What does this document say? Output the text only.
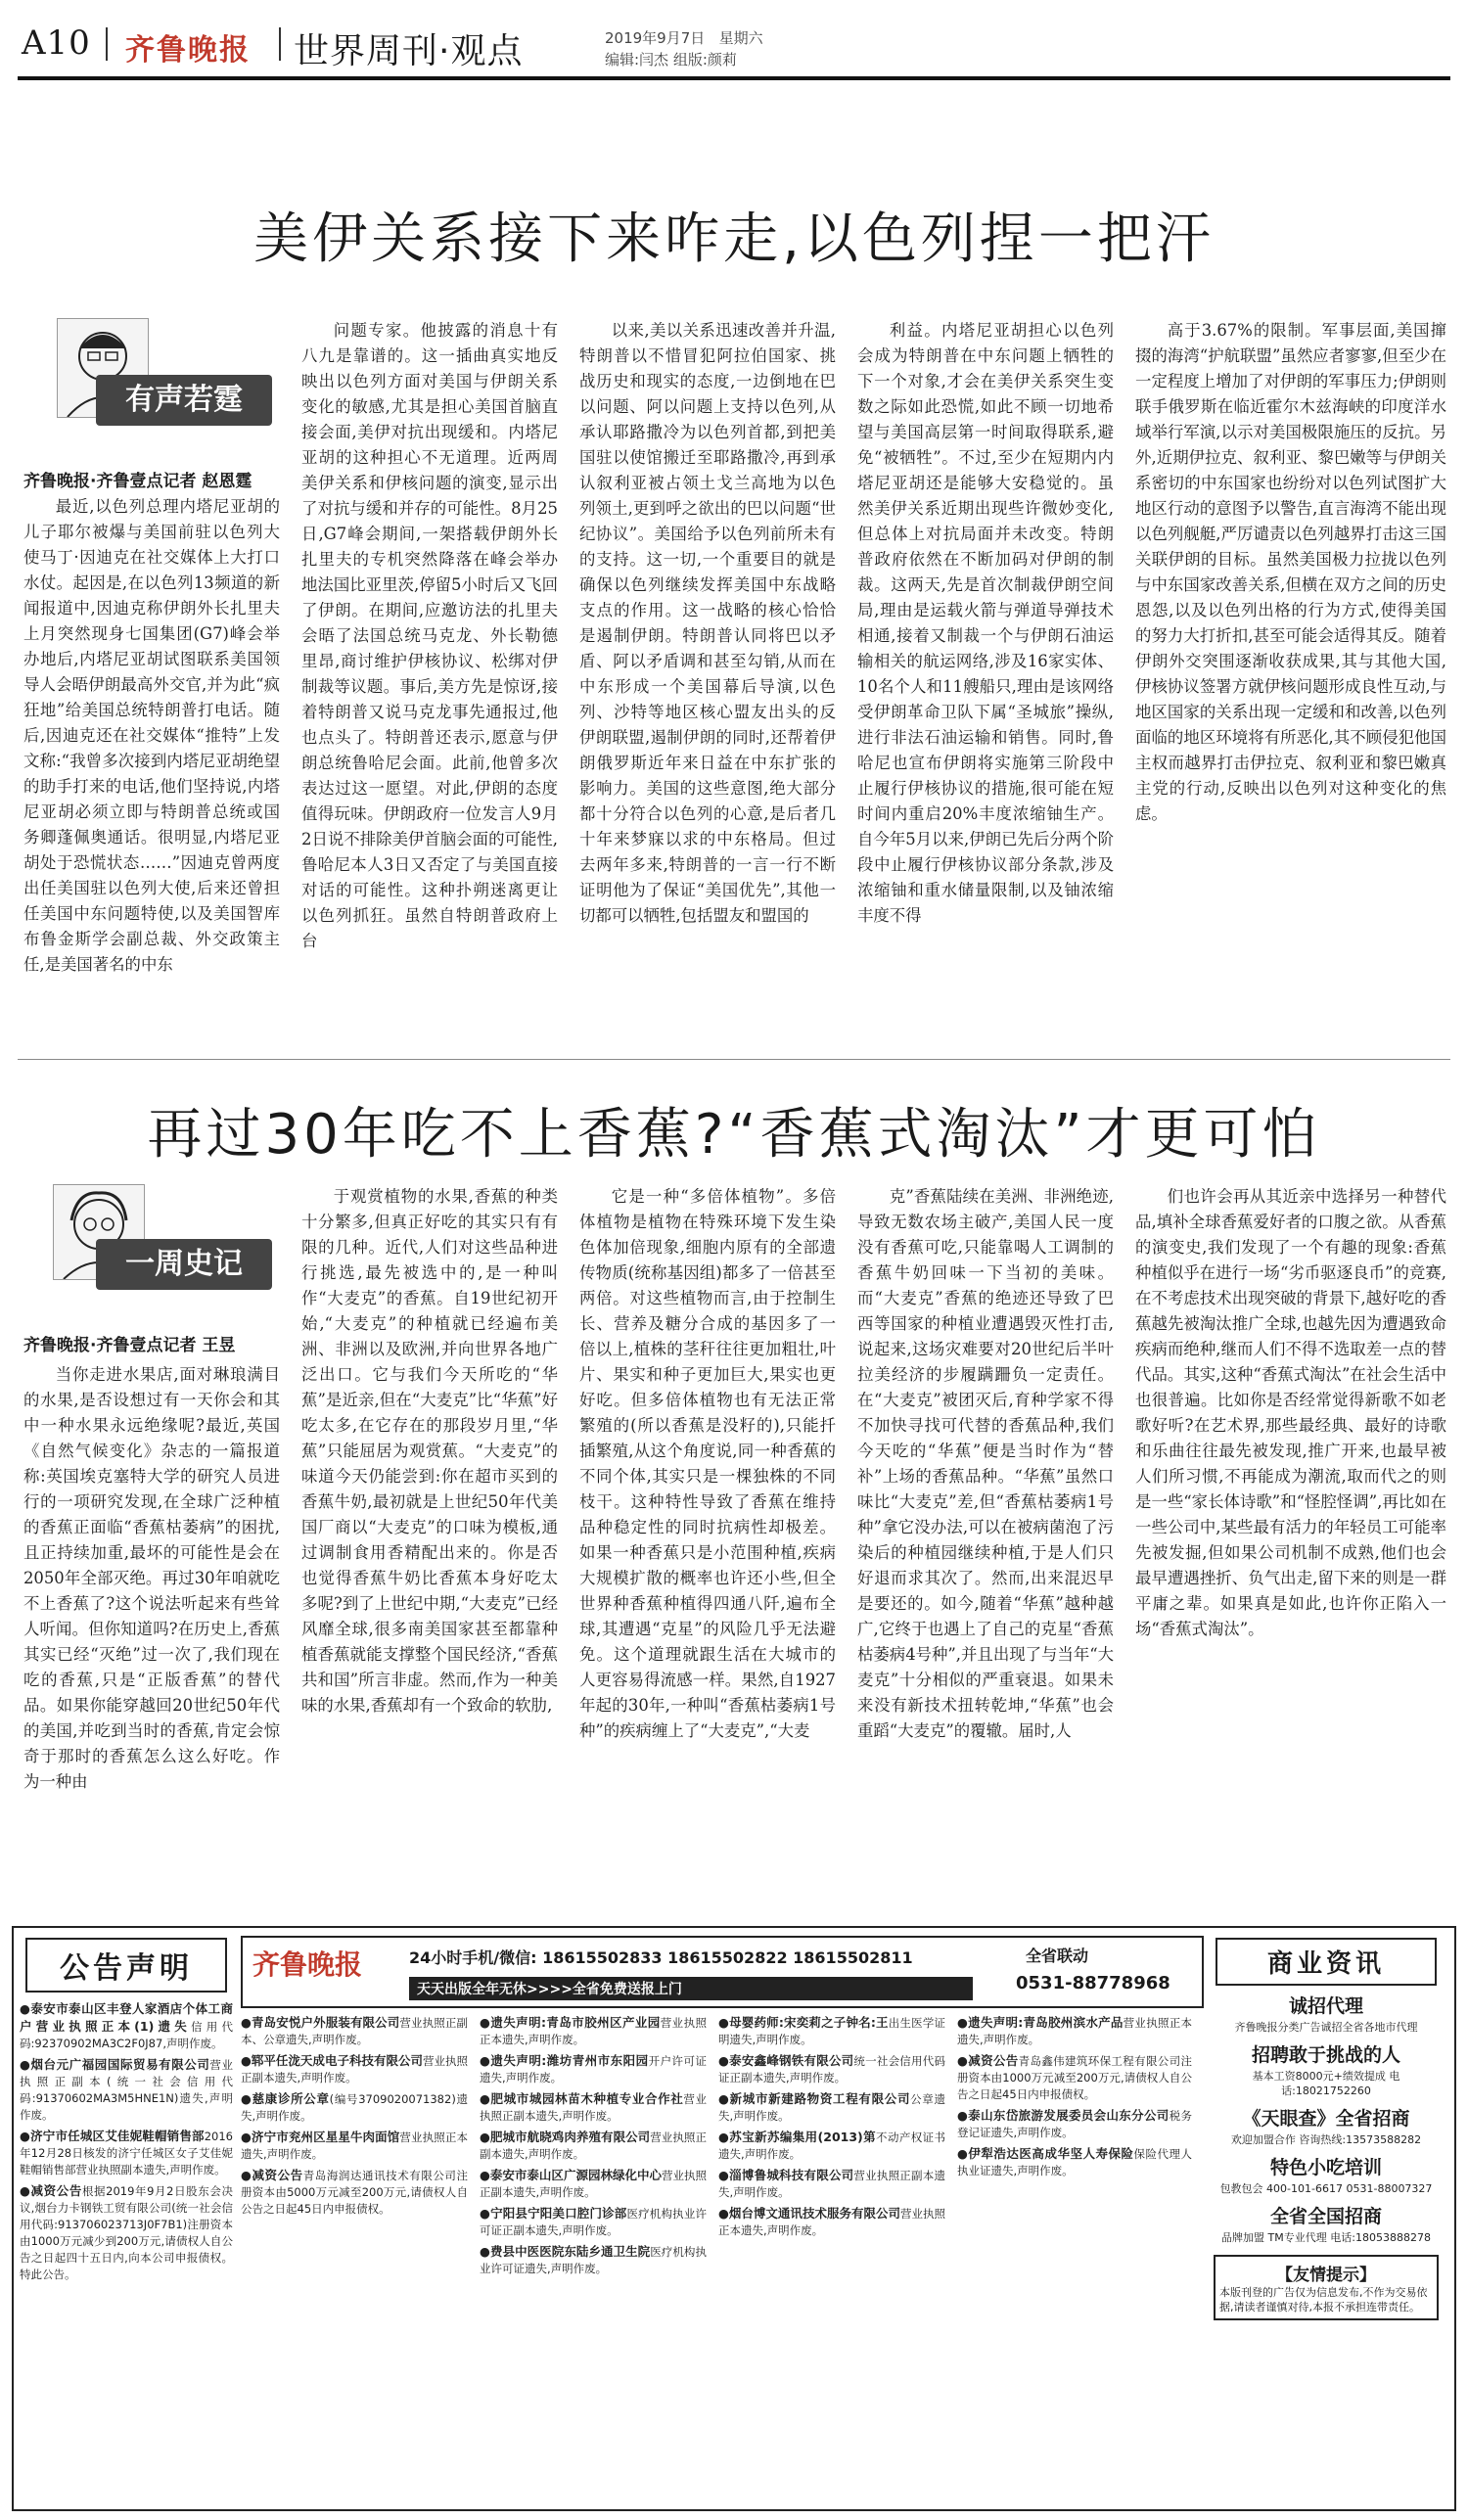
A10 齐鲁晚报 世界周刊·观点	2019年9月7日 星期六
编辑:闫杰 组版:颜莉
美伊关系接下来咋走,以色列捏一把汗
有声若霆
齐鲁晚报·齐鲁壹点记者 赵恩霆

最近,以色列总理内塔尼亚胡的儿子耶尔被爆与美国前驻以色列大使马丁·因迪克在社交媒体上大打口水仗。起因是,在以色列13频道的新闻报道中,因迪克称伊朗外长扎里夫上月突然现身七国集团(G7)峰会举办地后,内塔尼亚胡试图联系美国领导人会晤伊朗最高外交官,并为此“疯狂地”给美国总统特朗普打电话。随后,因迪克还在社交媒体“推特”上发文称:“我曾多次接到内塔尼亚胡绝望的助手打来的电话,他们坚持说,内塔尼亚胡必须立即与特朗普总统或国务卿蓬佩奥通话。很明显,内塔尼亚胡处于恐慌状态……”因迪克曾两度出任美国驻以色列大使,后来还曾担任美国中东问题特使,以及美国智库布鲁金斯学会副总裁、外交政策主任,是美国著名的中东

问题专家。他披露的消息十有八九是靠谱的。这一插曲真实地反映出以色列方面对美国与伊朗关系变化的敏感,尤其是担心美国首脑直接会面,美伊对抗出现缓和。内塔尼亚胡的这种担心不无道理。近两周美伊关系和伊核问题的演变,显示出了对抗与缓和并存的可能性。8月25日,G7峰会期间,一架搭载伊朗外长扎里夫的专机突然降落在峰会举办地法国比亚里茨,停留5小时后又飞回了伊朗。在期间,应邀访法的扎里夫会晤了法国总统马克龙、外长勒德里昂,商讨维护伊核协议、松绑对伊制裁等议题。事后,美方先是惊讶,接着特朗普又说马克龙事先通报过,他也点头了。特朗普还表示,愿意与伊朗总统鲁哈尼会面。此前,他曾多次表达过这一愿望。对此,伊朗的态度值得玩味。伊朗政府一位发言人9月2日说不排除美伊首脑会面的可能性,鲁哈尼本人3日又否定了与美国直接对话的可能性。这种扑朔迷离更让以色列抓狂。虽然自特朗普政府上台

以来,美以关系迅速改善并升温,特朗普以不惜冒犯阿拉伯国家、挑战历史和现实的态度,一边倒地在巴以问题、阿以问题上支持以色列,从承认耶路撒冷为以色列首都,到把美国驻以使馆搬迁至耶路撒冷,再到承认叙利亚被占领土戈兰高地为以色列领土,更到呼之欲出的巴以问题“世纪协议”。美国给予以色列前所未有的支持。这一切,一个重要目的就是确保以色列继续发挥美国中东战略支点的作用。这一战略的核心恰恰是遏制伊朗。特朗普认同将巴以矛盾、阿以矛盾调和甚至勾销,从而在中东形成一个美国幕后导演,以色列、沙特等地区核心盟友出头的反伊朗联盟,遏制伊朗的同时,还帮着伊朗俄罗斯近年来日益在中东扩张的影响力。美国的这些意图,绝大部分都十分符合以色列的心意,是后者几十年来梦寐以求的中东格局。但过去两年多来,特朗普的一言一行不断证明他为了保证“美国优先”,其他一切都可以牺牲,包括盟友和盟国的

利益。内塔尼亚胡担心以色列会成为特朗普在中东问题上牺牲的下一个对象,才会在美伊关系突生变数之际如此恐慌,如此不顾一切地希望与美国高层第一时间取得联系,避免“被牺牲”。不过,至少在短期内内塔尼亚胡还是能够大安稳觉的。虽然美伊关系近期出现些许微妙变化,但总体上对抗局面并未改变。特朗普政府依然在不断加码对伊朗的制裁。这两天,先是首次制裁伊朗空间局,理由是运载火箭与弹道导弹技术相通,接着又制裁一个与伊朗石油运输相关的航运网络,涉及16家实体、10名个人和11艘船只,理由是该网络受伊朗革命卫队下属“圣城旅”操纵,进行非法石油运输和销售。同时,鲁哈尼也宣布伊朗将实施第三阶段中止履行伊核协议的措施,很可能在短时间内重启20%丰度浓缩铀生产。自今年5月以来,伊朗已先后分两个阶段中止履行伊核协议部分条款,涉及浓缩铀和重水储量限制,以及铀浓缩丰度不得

高于3.67%的限制。军事层面,美国撺掇的海湾“护航联盟”虽然应者寥寥,但至少在一定程度上增加了对伊朗的军事压力;伊朗则联手俄罗斯在临近霍尔木兹海峡的印度洋水域举行军演,以示对美国极限施压的反抗。另外,近期伊拉克、叙利亚、黎巴嫩等与伊朗关系密切的中东国家也纷纷对以色列试图扩大地区行动的意图予以警告,直言海湾不能出现以色列舰艇,严厉谴责以色列越界打击这三国关联伊朗的目标。虽然美国极力拉拢以色列与中东国家改善关系,但横在双方之间的历史恩怨,以及以色列出格的行为方式,使得美国的努力大打折扣,甚至可能会适得其反。随着伊朗外交突围逐渐收获成果,其与其他大国,伊核协议签署方就伊核问题形成良性互动,与地区国家的关系出现一定缓和和改善,以色列面临的地区环境将有所恶化,其不顾侵犯他国主权而越界打击伊拉克、叙利亚和黎巴嫩真主党的行动,反映出以色列对这种变化的焦虑。

再过30年吃不上香蕉?“香蕉式淘汰”才更可怕
一周史记
齐鲁晚报·齐鲁壹点记者 王昱

当你走进水果店,面对琳琅满目的水果,是否设想过有一天你会和其中一种水果永远绝缘呢?最近,英国《自然气候变化》杂志的一篇报道称:英国埃克塞特大学的研究人员进行的一项研究发现,在全球广泛种植的香蕉正面临“香蕉枯萎病”的困扰,且正持续加重,最坏的可能性是会在2050年全部灭绝。再过30年咱就吃不上香蕉了?这个说法听起来有些耸人听闻。但你知道吗?在历史上,香蕉其实已经“灭绝”过一次了,我们现在吃的香蕉,只是“正版香蕉”的替代品。如果你能穿越回20世纪50年代的美国,并吃到当时的香蕉,肯定会惊奇于那时的香蕉怎么这么好吃。作为一种由

于观赏植物的水果,香蕉的种类十分繁多,但真正好吃的其实只有有限的几种。近代,人们对这些品种进行挑选,最先被选中的,是一种叫作“大麦克”的香蕉。自19世纪初开始,“大麦克”的种植就已经遍布美洲、非洲以及欧洲,并向世界各地广泛出口。它与我们今天所吃的“华蕉”是近亲,但在“大麦克”比“华蕉”好吃太多,在它存在的那段岁月里,“华蕉”只能屈居为观赏蕉。“大麦克”的味道今天仍能尝到:你在超市买到的香蕉牛奶,最初就是上世纪50年代美国厂商以“大麦克”的口味为模板,通过调制食用香精配出来的。你是否也觉得香蕉牛奶比香蕉本身好吃太多呢?到了上世纪中期,“大麦克”已经风靡全球,很多南美国家甚至都靠种植香蕉就能支撑整个国民经济,“香蕉共和国”所言非虚。然而,作为一种美味的水果,香蕉却有一个致命的软肋,

它是一种“多倍体植物”。多倍体植物是植物在特殊环境下发生染色体加倍现象,细胞内原有的全部遗传物质(统称基因组)都多了一倍甚至两倍。对这些植物而言,由于控制生长、营养及糖分合成的基因多了一倍以上,植株的茎秆往往更加粗壮,叶片、果实和种子更加巨大,果实也更好吃。但多倍体植物也有无法正常繁殖的(所以香蕉是没籽的),只能扦插繁殖,从这个角度说,同一种香蕉的不同个体,其实只是一棵独株的不同枝干。这种特性导致了香蕉在维持品种稳定性的同时抗病性却极差。如果一种香蕉只是小范围种植,疾病大规模扩散的概率也许还小些,但全世界种香蕉种植得四通八阡,遍布全球,其遭遇“克星”的风险几乎无法避免。这个道理就跟生活在大城市的人更容易得流感一样。果然,自1927年起的30年,一种叫“香蕉枯萎病1号种”的疾病缠上了“大麦克”,“大麦

克”香蕉陆续在美洲、非洲绝迹,导致无数农场主破产,美国人民一度没有香蕉可吃,只能靠喝人工调制的香蕉牛奶回味一下当初的美味。而“大麦克”香蕉的绝迹还导致了巴西等国家的种植业遭遇毁灭性打击,说起来,这场灾难要对20世纪后半叶拉美经济的步履蹒跚负一定责任。在“大麦克”被团灭后,育种学家不得不加快寻找可代替的香蕉品种,我们今天吃的“华蕉”便是当时作为“替补”上场的香蕉品种。“华蕉”虽然口味比“大麦克”差,但“香蕉枯萎病1号种”拿它没办法,可以在被病菌泡了污染后的种植园继续种植,于是人们只好退而求其次了。然而,出来混迟早是要还的。如今,随着“华蕉”越种越广,它终于也遇上了自己的克星“香蕉枯萎病4号种”,并且出现了与当年“大麦克”十分相似的严重衰退。如果未来没有新技术扭转乾坤,“华蕉”也会重蹈“大麦克”的覆辙。届时,人

们也许会再从其近亲中选择另一种替代品,填补全球香蕉爱好者的口腹之欲。从香蕉的演变史,我们发现了一个有趣的现象:香蕉种植似乎在进行一场“劣币驱逐良币”的竞赛,在不考虑技术出现突破的背景下,越好吃的香蕉越先被淘汰推广全球,也越先因为遭遇致命疾病而绝种,继而人们不得不选取差一点的替代品。其实,这种“香蕉式淘汰”在社会生活中也很普遍。比如你是否经常觉得新歌不如老歌好听?在艺术界,那些最经典、最好的诗歌和乐曲往往最先被发现,推广开来,也最早被人们所习惯,不再能成为潮流,取而代之的则是一些“家长体诗歌”和“怪腔怪调”,再比如在一些公司中,某些最有活力的年轻员工可能率先被发掘,但如果公司机制不成熟,他们也会最早遭遇挫折、负气出走,留下来的则是一群平庸之辈。如果真是如此,也许你正陷入一场“香蕉式淘汰”。

公告声明

●泰安市泰山区丰登人家酒店个体工商户营业执照正本(1)遗失信用代码:92370902MA3C2F0J87,声明作废。

●烟台元广福园国际贸易有限公司营业执照正副本(统一社会信用代码:91370602MA3M5HNE1N)遗失,声明作废。

●济宁市任城区艾佳妮鞋帽销售部2016年12月28日核发的济宁任城区女子艾佳妮鞋帽销售部营业执照副本遗失,声明作废。

●减资公告根据2019年9月2日股东会决议,烟台力卡钢铁工贸有限公司(统一社会信用代码:913706023713J0F7B1)注册资本由1000万元减少到200万元,请债权人自公告之日起四十五日内,向本公司申报债权。特此公告。

齐鲁晚报	24小时手机/微信: 18615502833 18615502822 18615502811
天天出版全年无休>>>>全省免费送报上门
全省联动
0531-88778968

●青岛安悦户外服装有限公司营业执照正副本、公章遗失,声明作废。

●郓平任泷天成电子科技有限公司营业执照正副本遗失,声明作废。

●慈康诊所公章(编号3709020071382)遗失,声明作废。

●济宁市兖州区星星牛肉面馆营业执照正本遗失,声明作废。

●减资公告青岛海润达通讯技术有限公司注册资本由5000万元减至200万元,请债权人自公告之日起45日内申报债权。

●遗失声明:青岛市胶州区产业园营业执照正本遗失,声明作废。

●遗失声明:潍坊青州市东阳园开户许可证遗失,声明作废。

●肥城市城园林苗木种植专业合作社营业执照正副本遗失,声明作废。

●肥城市航晓鸡肉养殖有限公司营业执照正副本遗失,声明作废。

●泰安市泰山区广源园林绿化中心营业执照正副本遗失,声明作废。

●宁阳县宁阳美口腔门诊部医疗机构执业许可证正副本遗失,声明作废。

●费县中医医院东陆乡通卫生院医疗机构执业许可证遗失,声明作废。

●母婴药师:宋奕莉之子钟名:王出生医学证明遗失,声明作废。

●泰安鑫峰钢铁有限公司统一社会信用代码证正副本遗失,声明作废。

●新城市新建路物资工程有限公司公章遗失,声明作废。

●苏宝新苏编集用(2013)第不动产权证书遗失,声明作废。

●淄博鲁城科技有限公司营业执照正副本遗失,声明作废。

●烟台博文通讯技术服务有限公司营业执照正本遗失,声明作废。

●遗失声明:青岛胶州滨水产品营业执照正本遗失,声明作废。

●减资公告青岛鑫伟建筑环保工程有限公司注册资本由1000万元减至200万元,请债权人自公告之日起45日内申报债权。

●泰山东岱旅游发展委员会山东分公司税务登记证遗失,声明作废。

●伊犁浩达医高成华坚人寿保险保险代理人执业证遗失,声明作废。

商业资讯
诚招代理
齐鲁晚报分类广告诚招全省各地市代理
招聘敢于挑战的人
基本工资8000元+绩效提成 电话:18021752260
《天眼查》全省招商
欢迎加盟合作 咨询热线:13573588282
特色小吃培训
包教包会 400-101-6617 0531-88007327
全省全国招商
品牌加盟 TM专业代理 电话:18053888278
【友情提示】
本版刊登的广告仅为信息发布,不作为交易依据,请读者谨慎对待,本报不承担连带责任。
